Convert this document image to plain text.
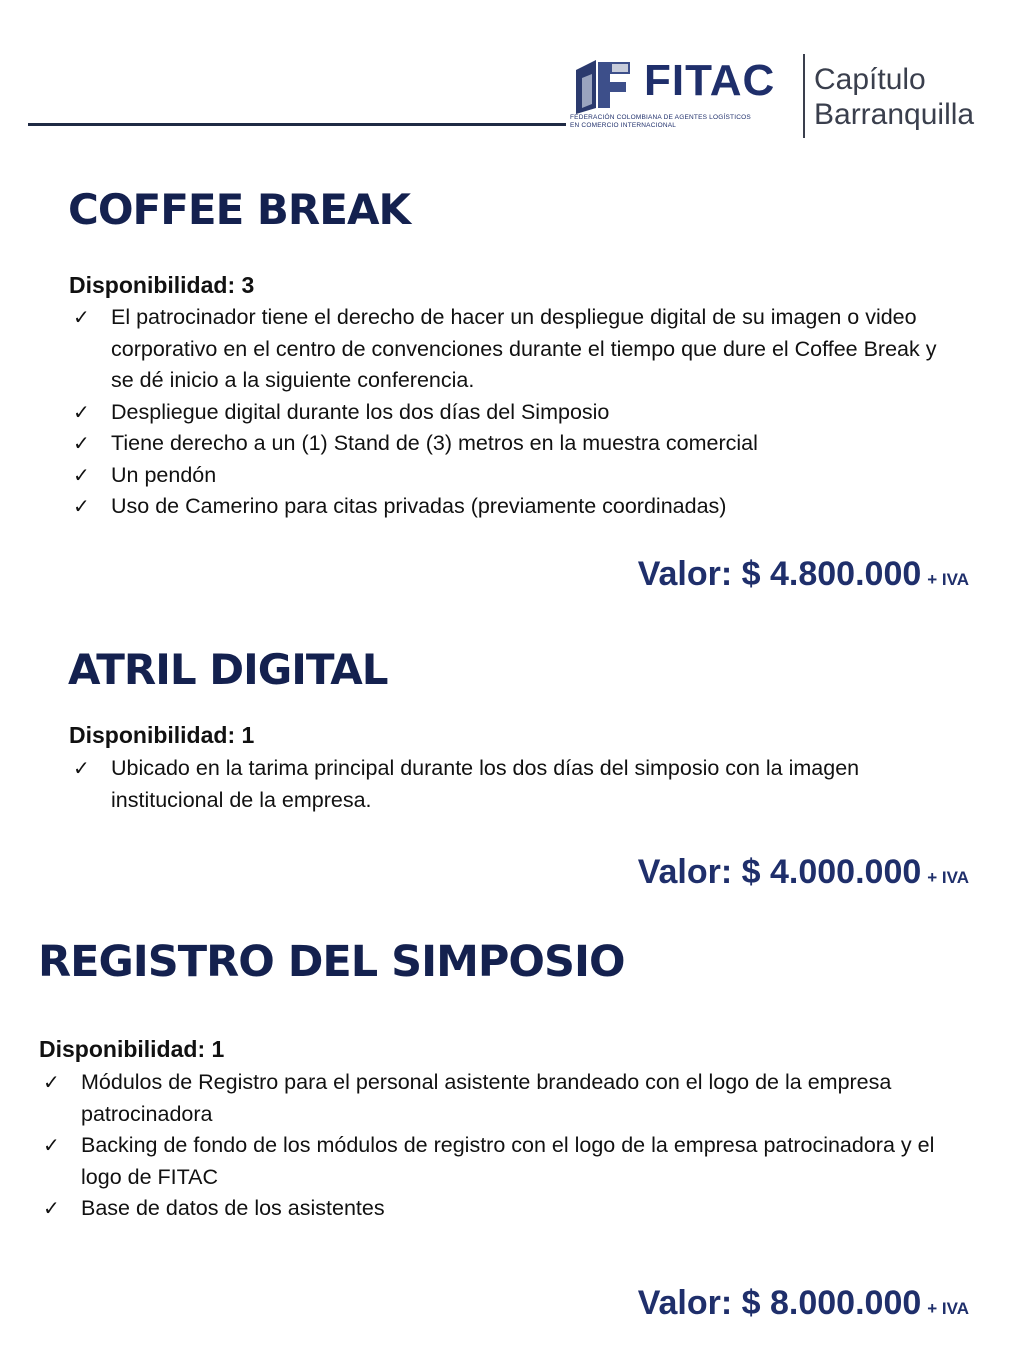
FITAC
FEDERACIÓN COLOMBIANA DE AGENTES LOGÍSTICOS
EN COMERCIO INTERNACIONAL
Capítulo
Barranquilla
COFFEE BREAK

Disponibilidad: 3

✓ El patrocinador tiene el derecho de hacer un despliegue digital de su imagen o video corporativo en el centro de convenciones durante el tiempo que dure el Coffee Break y se dé inicio a la siguiente conferencia.
✓ Despliegue digital durante los dos días del Simposio
✓ Tiene derecho a un (1) Stand de (3) metros en la muestra comercial
✓ Un pendón
✓ Uso de Camerino para citas privadas (previamente coordinadas)

Valor: $ 4.800.000 + IVA

ATRIL DIGITAL

Disponibilidad: 1

✓ Ubicado en la tarima principal durante los dos días del simposio con la imagen institucional de la empresa.

Valor: $ 4.000.000 + IVA

REGISTRO DEL SIMPOSIO

Disponibilidad: 1

✓ Módulos de Registro para el personal asistente brandeado con el logo de la empresa patrocinadora
✓ Backing de fondo de los módulos de registro con el logo de la empresa patrocinadora y el logo de FITAC
✓ Base de datos de los asistentes

Valor: $ 8.000.000 + IVA
